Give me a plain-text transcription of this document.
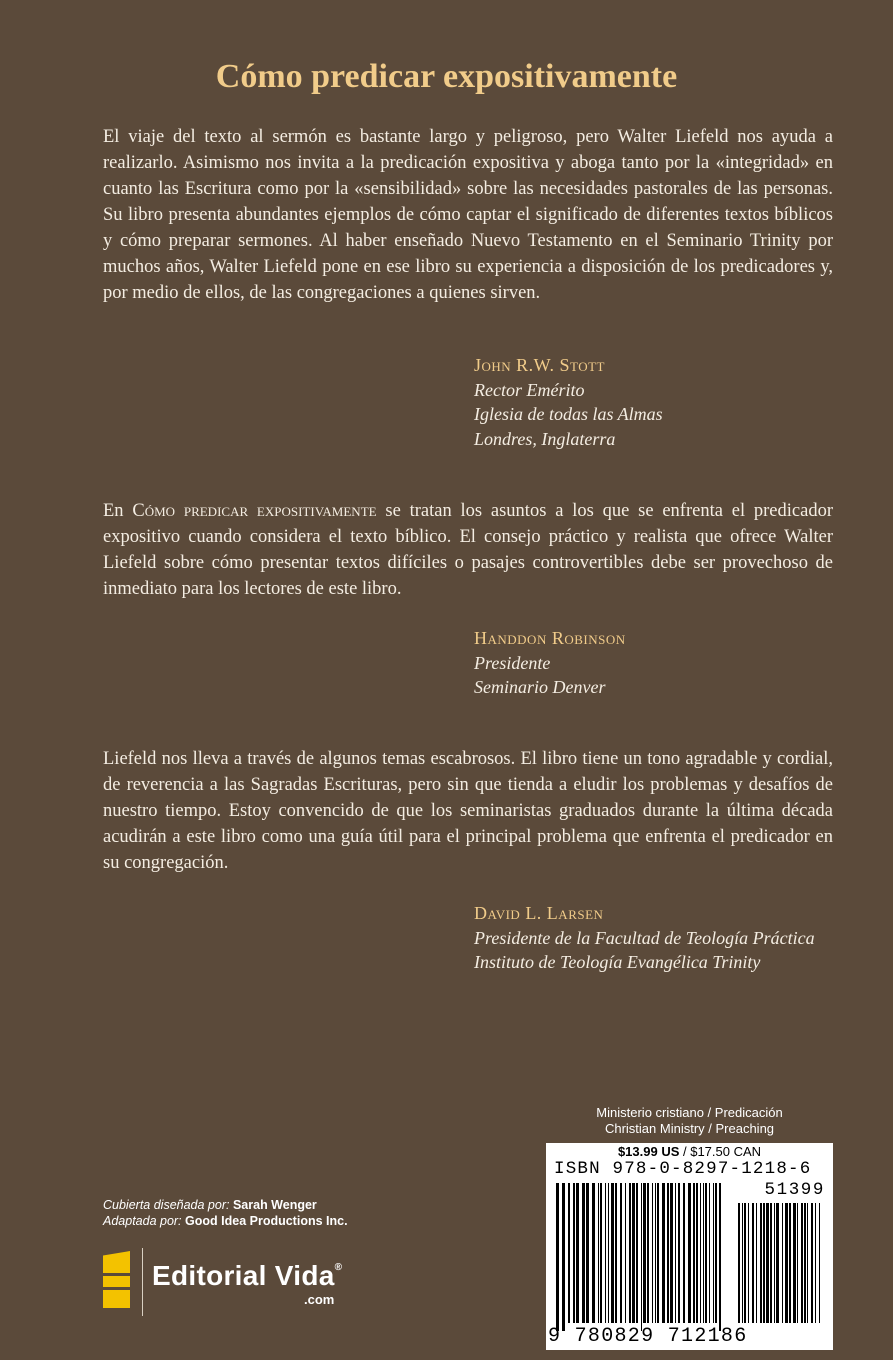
Cómo predicar expositivamente

El viaje del texto al sermón es bastante largo y peligroso, pero Walter Liefeld nos ayuda a realizarlo. Asimismo nos invita a la predicación expositiva y aboga tanto por la «integridad» en cuanto las Escritura como por la «sensibilidad» sobre las necesidades pastorales de las personas. Su libro presenta abundantes ejemplos de cómo captar el significado de diferentes textos bíblicos y cómo preparar sermones. Al haber enseñado Nuevo Testamento en el Seminario Trinity por muchos años, Walter Liefeld pone en ese libro su experiencia a disposición de los predicadores y, por medio de ellos, de las congregaciones a quienes sirven.

John R.W. Stott
Rector Emérito
Iglesia de todas las Almas
Londres, Inglaterra

En Cómo predicar expositivamente se tratan los asuntos a los que se enfrenta el predicador expositivo cuando considera el texto bíblico. El consejo práctico y realista que ofrece Walter Liefeld sobre cómo presentar textos difíciles o pasajes controvertibles debe ser provechoso de inmediato para los lectores de este libro.

Handdon Robinson
Presidente
Seminario Denver

Liefeld nos lleva a través de algunos temas escabrosos. El libro tiene un tono agradable y cordial, de reverencia a las Sagradas Escrituras, pero sin que tienda a eludir los problemas y desafíos de nuestro tiempo. Estoy convencido de que los seminaristas graduados durante la última década acudirán a este libro como una guía útil para el principal problema que enfrenta el predicador en su congregación.

David L. Larsen
Presidente de la Facultad de Teología Práctica
Instituto de Teología Evangélica Trinity
Cubierta diseñada por: Sarah Wenger
Adaptada por: Good Idea Productions Inc.
Editorial Vida®
.com
Ministerio cristiano / Predicación
Christian Ministry / Preaching
$13.99 US / $17.50 CAN
ISBN 978-0-8297-1218-6
51399
9 780829 712186
